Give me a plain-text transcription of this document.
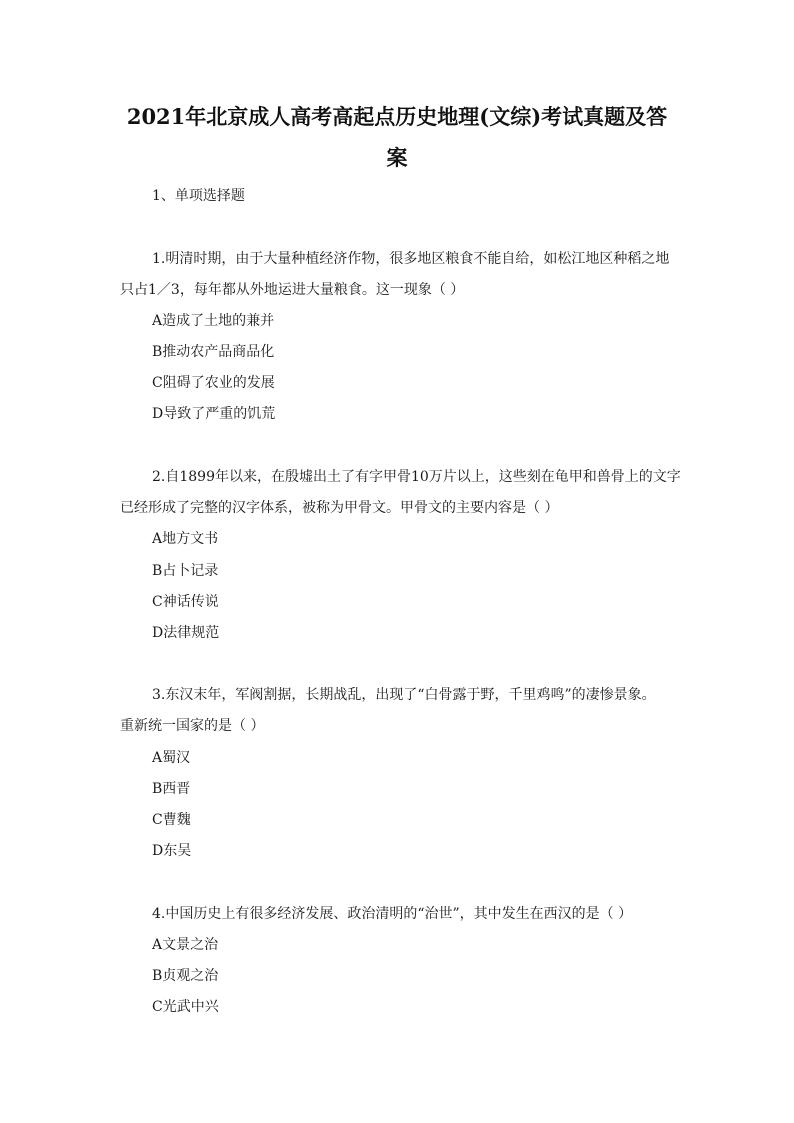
2021年北京成人高考高起点历史地理(文综)考试真题及答
案
1、单项选择题
1.明清时期，由于大量种植经济作物，很多地区粮食不能自给，如松江地区种稻之地
只占1／3，每年都从外地运进大量粮食。这一现象（ ）
A造成了土地的兼并
B推动农产品商品化
C阻碍了农业的发展
D导致了严重的饥荒
2.自1899年以来，在殷墟出土了有字甲骨10万片以上，这些刻在龟甲和兽骨上的文字
已经形成了完整的汉字体系，被称为甲骨文。甲骨文的主要内容是（ ）
A地方文书
B占卜记录
C神话传说
D法律规范
3.东汉末年，军阀割据，长期战乱，出现了“白骨露于野，千里鸡鸣”的凄惨景象。
重新统一国家的是（ ）
A蜀汉
B西晋
C曹魏
D东吴
4.中国历史上有很多经济发展、政治清明的“治世”，其中发生在西汉的是（ ）
A文景之治
B贞观之治
C光武中兴
